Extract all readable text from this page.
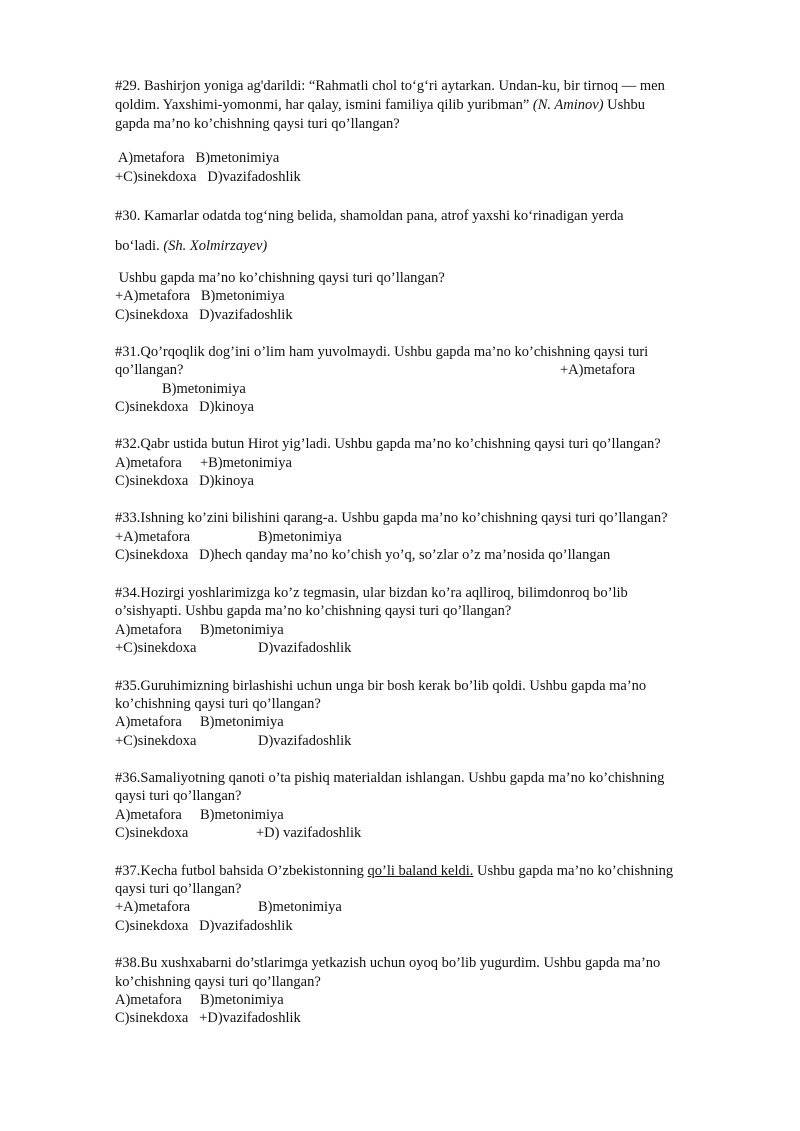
#29. Bashirjon yoniga ag'darildi: “Rahmatli chol to‘g‘ri aytarkan. Undan-ku, bir tirnoq — men
qoldim. Yaxshimi-yomonmi, har qalay, ismini familiya qilib yuribman” (N. Aminov) Ushbu
gapda ma’no ko’chishning qaysi turi qo’llangan?
A)metafora   B)metonimiya
+C)sinekdoxa   D)vazifadoshlik
#30. Kamarlar odatda tog‘ning belida, shamoldan pana, atrof yaxshi ko‘rinadigan yerda
bo‘ladi. (Sh. Xolmirzayev)
Ushbu gapda ma’no ko’chishning qaysi turi qo’llangan?
+A)metafora   B)metonimiya
C)sinekdoxa   D)vazifadoshlik
#31.Qo’rqoqlik dog’ini o’lim ham yuvolmaydi. Ushbu gapda ma’no ko’chishning qaysi turi
qo’llangan?	+A)metafora
B)metonimiya
C)sinekdoxa   D)kinoya
#32.Qabr ustida butun Hirot yig’ladi. Ushbu gapda ma’no ko’chishning qaysi turi qo’llangan?
A)metafora     +B)metonimiya
C)sinekdoxa   D)kinoya
#33.Ishning ko’zini bilishini qarang-a. Ushbu gapda ma’no ko’chishning qaysi turi qo’llangan?
+A)metafora	B)metonimiya
C)sinekdoxa   D)hech qanday ma’no ko’chish yo’q, so’zlar o’z ma’nosida qo’llangan
#34.Hozirgi yoshlarimizga ko’z tegmasin, ular bizdan ko’ra aqlliroq, bilimdonroq bo’lib
o’sishyapti. Ushbu gapda ma’no ko’chishning qaysi turi qo’llangan?
A)metafora     B)metonimiya
+C)sinekdoxa	D)vazifadoshlik
#35.Guruhimizning birlashishi uchun unga bir bosh kerak bo’lib qoldi. Ushbu gapda ma’no
ko’chishning qaysi turi qo’llangan?
A)metafora     B)metonimiya
+C)sinekdoxa	D)vazifadoshlik
#36.Samaliyotning qanoti o’ta pishiq materialdan ishlangan. Ushbu gapda ma’no ko’chishning
qaysi turi qo’llangan?
A)metafora     B)metonimiya
C)sinekdoxa	+D) vazifadoshlik
#37.Kecha futbol bahsida O’zbekistonning qo’li baland keldi. Ushbu gapda ma’no ko’chishning
qaysi turi qo’llangan?
+A)metafora	B)metonimiya
C)sinekdoxa   D)vazifadoshlik
#38.Bu xushxabarni do’stlarimga yetkazish uchun oyoq bo’lib yugurdim. Ushbu gapda ma’no
ko’chishning qaysi turi qo’llangan?
A)metafora     B)metonimiya
C)sinekdoxa   +D)vazifadoshlik
